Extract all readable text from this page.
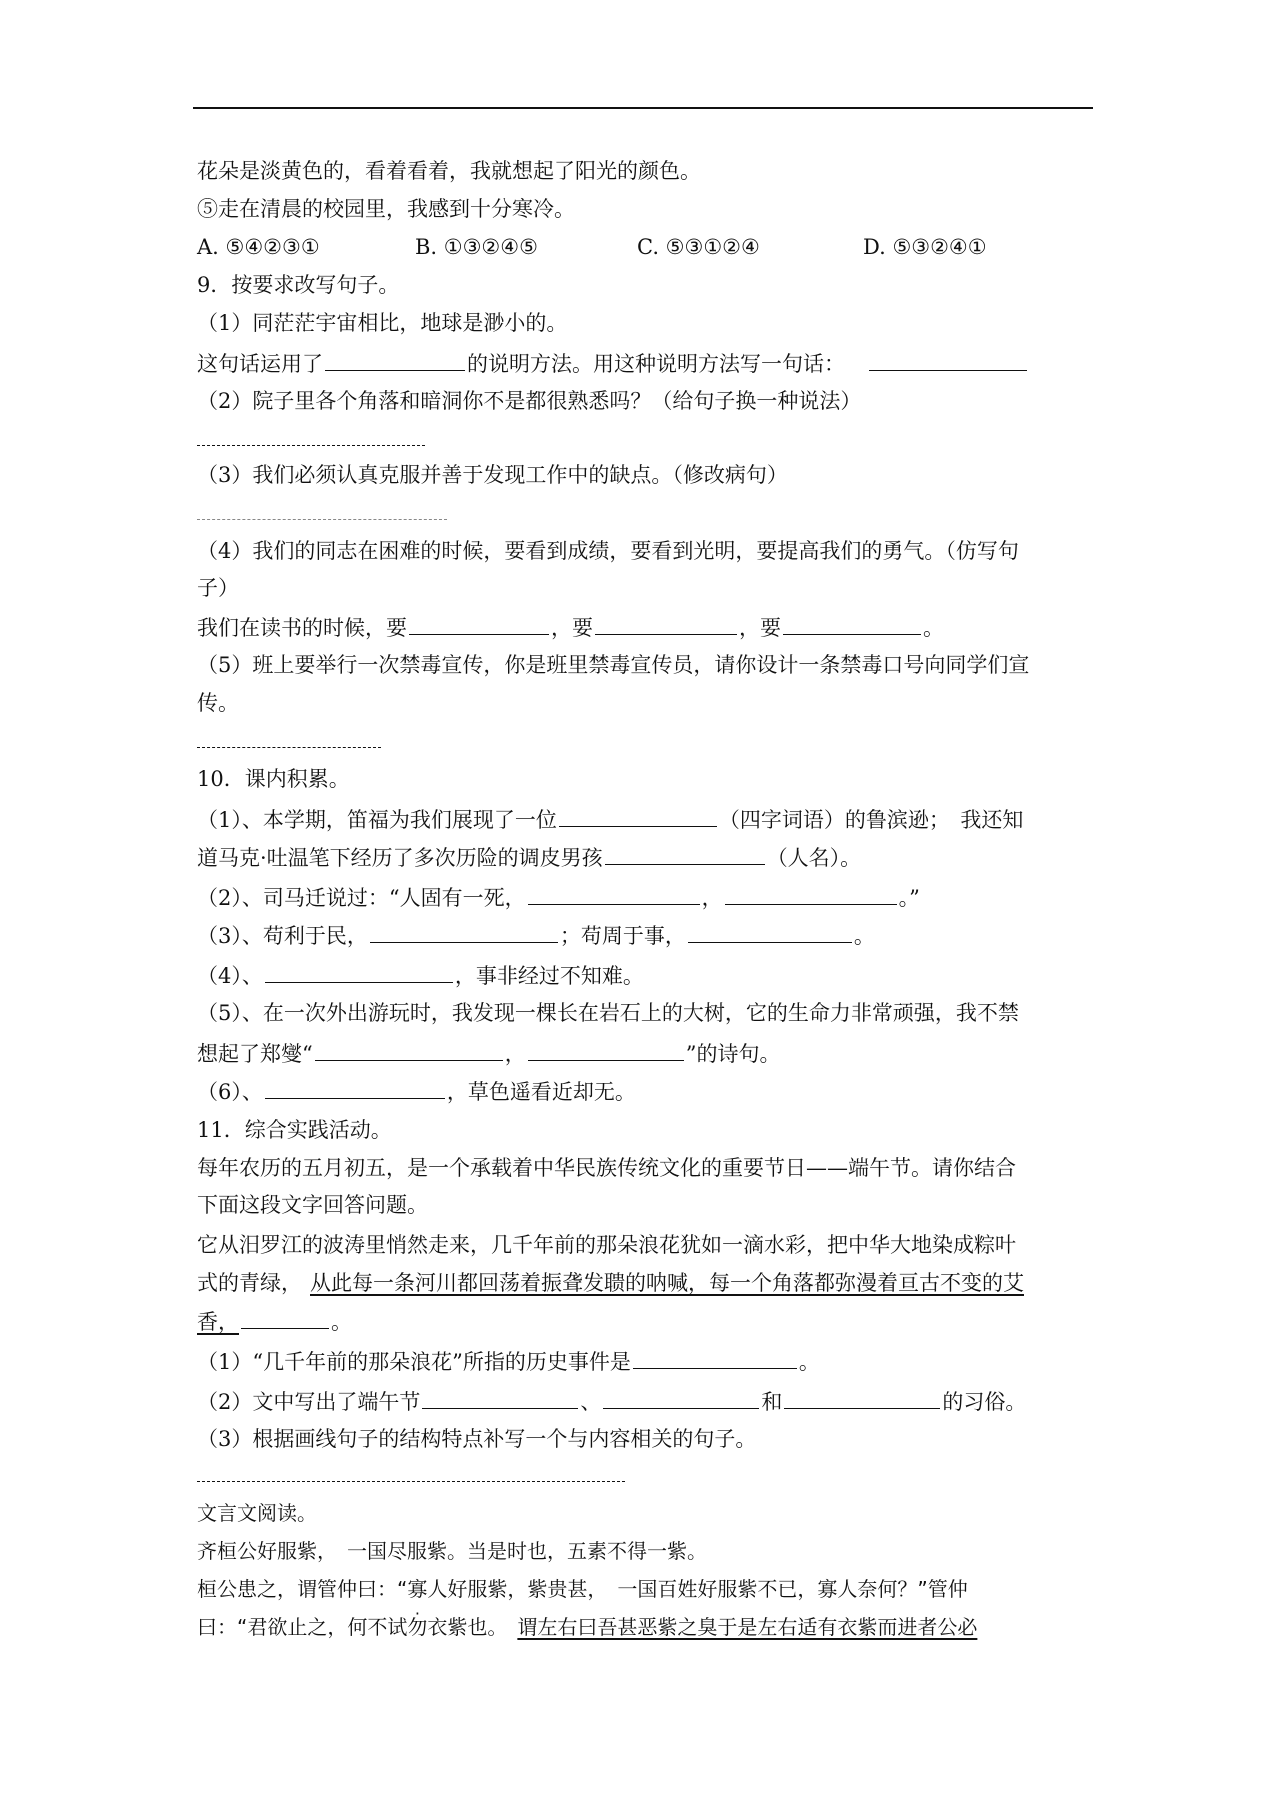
花朵是淡黄色的，看着看着，我就想起了阳光的颜色。
⑤走在清晨的校园里，我感到十分寒冷。
A. ⑤④②③①	B. ①③②④⑤	C. ⑤③①②④	D. ⑤③②④①
9．按要求改写句子。
（1）同茫茫宇宙相比，地球是渺小的。
这句话运用了	的说明方法。用这种说明方法写一句话：
（2）院子里各个角落和暗洞你不是都很熟悉吗？（给句子换一种说法）
（3）我们必须认真克服并善于发现工作中的缺点。（修改病句）
（4）我们的同志在困难的时候，要看到成绩，要看到光明，要提高我们的勇气。（仿写句
子）
我们在读书的时候，要	，要	，要	。
（5）班上要举行一次禁毒宣传，你是班里禁毒宣传员，请你设计一条禁毒口号向同学们宣
传。
10．课内积累。
（1）、本学期，笛福为我们展现了一位	（四字词语）的鲁滨逊；　我还知
道马克·吐温笔下经历了多次历险的调皮男孩	（人名）。
（2）、司马迁说过：“人固有一死，	，	。”
（3）、苟利于民，	；苟周于事，	。
（4）、	，事非经过不知难。
（5）、在一次外出游玩时，我发现一棵长在岩石上的大树，它的生命力非常顽强，我不禁
想起了郑燮“	，	”的诗句。
（6）、	，草色遥看近却无。
11．综合实践活动。
每年农历的五月初五，是一个承载着中华民族传统文化的重要节日——端午节。请你结合
下面这段文字回答问题。
它从汨罗江的波涛里悄然走来，几千年前的那朵浪花犹如一滴水彩，把中华大地染成粽叶
式的青绿， 从此每一条河川都回荡着振聋发聩的呐喊，每一个角落都弥漫着亘古不变的艾
香，	。
（1）“几千年前的那朵浪花”所指的历史事件是	。
（2）文中写出了端午节	、	和	的习俗。
（3）根据画线句子的结构特点补写一个与内容相关的句子。
文言文阅读。
齐桓公好服紫，　一国尽服紫。当是时也，五素不得一紫。
桓公患之，谓管仲曰：“寡人好服紫，紫贵甚，　一国百姓好服紫不已，寡人奈何？”管仲
曰：“君欲止之，何不试勿衣紫也。 谓左右曰吾甚恶紫之臭于是左右适有衣紫而进者公必
